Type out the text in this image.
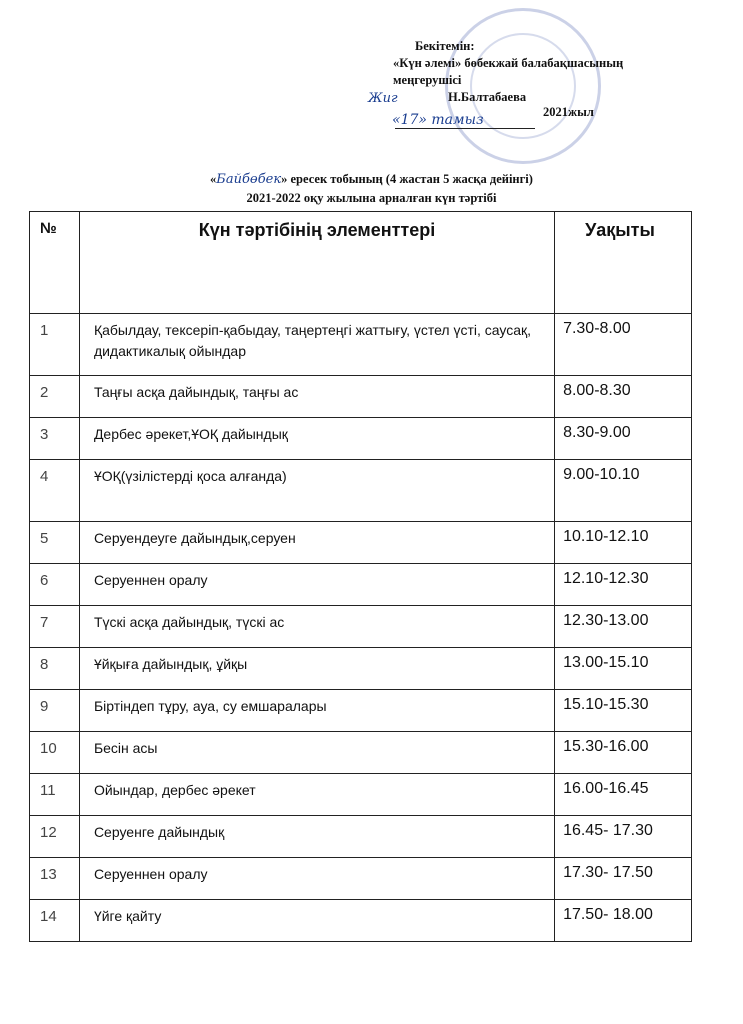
Бекітемін:
«Күн әлемі» бөбекжай балабақшасының
меңгерушісі
Н.Балтабаева
2021жыл
Жиг
«17» тамыз
«Байбөбек» ересек тобының (4 жастан 5 жасқа дейінгі)
2021-2022 оқу жылына арналған күн тәртібі
№	Күн тәртібінің элементтері	Уақыты
1	Қабылдау, тексеріп-қабыдау, таңертеңгі жаттығу, үстел үсті, саусақ, дидактикалық ойындар	7.30-8.00
2	Таңғы асқа дайындық, таңғы ас	8.00-8.30
3	Дербес әрекет,ҰОҚ дайындық	8.30-9.00
4	ҰОҚ(үзілістерді қоса алғанда)	9.00-10.10
5	Серуендеуге дайындық,серуен	10.10-12.10
6	Серуеннен оралу	12.10-12.30
7	Түскі асқа дайындық, түскі ас	12.30-13.00
8	Ұйқыға дайындық, ұйқы	13.00-15.10
9	Біртіндеп тұру, ауа, су емшаралары	15.10-15.30
10	Бесін асы	15.30-16.00
11	Ойындар, дербес әрекет	16.00-16.45
12	Серуенге дайындық	16.45- 17.30
13	Серуеннен оралу	17.30- 17.50
14	Үйге қайту	17.50- 18.00
